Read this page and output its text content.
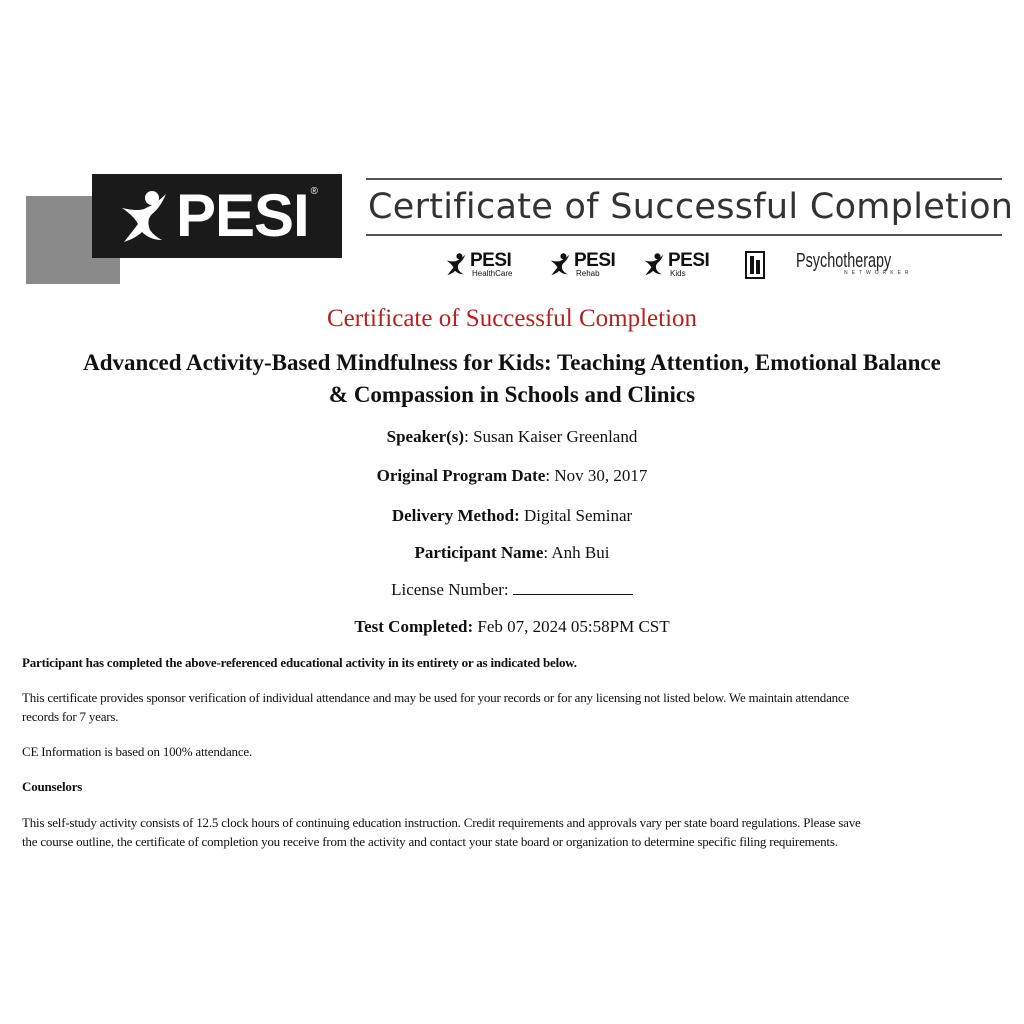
PESI ® Certificate of Successful Completion
PESI
HealthCare
PESI
Rehab
PESI
Kids
Psychotherapy
NETWORKER
Certificate of Successful Completion
Advanced Activity-Based Mindfulness for Kids: Teaching Attention, Emotional Balance
& Compassion in Schools and Clinics
Speaker(s): Susan Kaiser Greenland
Original Program Date: Nov 30, 2017
Delivery Method: Digital Seminar
Participant Name: Anh Bui
License Number:
Test Completed: Feb 07, 2024 05:58PM CST
Participant has completed the above-referenced educational activity in its entirety or as indicated below.
This certificate provides sponsor verification of individual attendance and may be used for your records or for any licensing not listed below. We maintain attendance
records for 7 years.
CE Information is based on 100% attendance.
Counselors
This self-study activity consists of 12.5 clock hours of continuing education instruction. Credit requirements and approvals vary per state board regulations. Please save
the course outline, the certificate of completion you receive from the activity and contact your state board or organization to determine specific filing requirements.
